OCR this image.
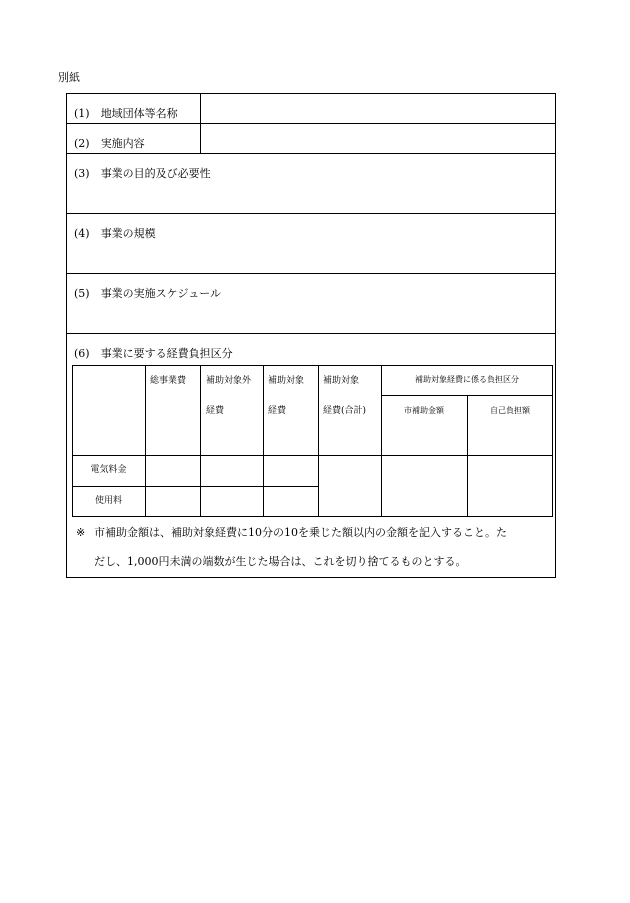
別紙
(1) 地域団体等名称
(2) 実施内容
(3) 事業の目的及び必要性
(4) 事業の規模
(5) 事業の実施スケジュール
(6) 事業に要する経費負担区分
総事業費 補助対象外
経費
補助対象
経費
補助対象
経費(合計)
補助対象経費に係る負担区分
市補助金額	自己負担額
電気料金
使用料
※ 市補助金額は、補助対象経費に10分の10を乗じた額以内の金額を記入すること。た
だし、1,000円未満の端数が生じた場合は、これを切り捨てるものとする。
